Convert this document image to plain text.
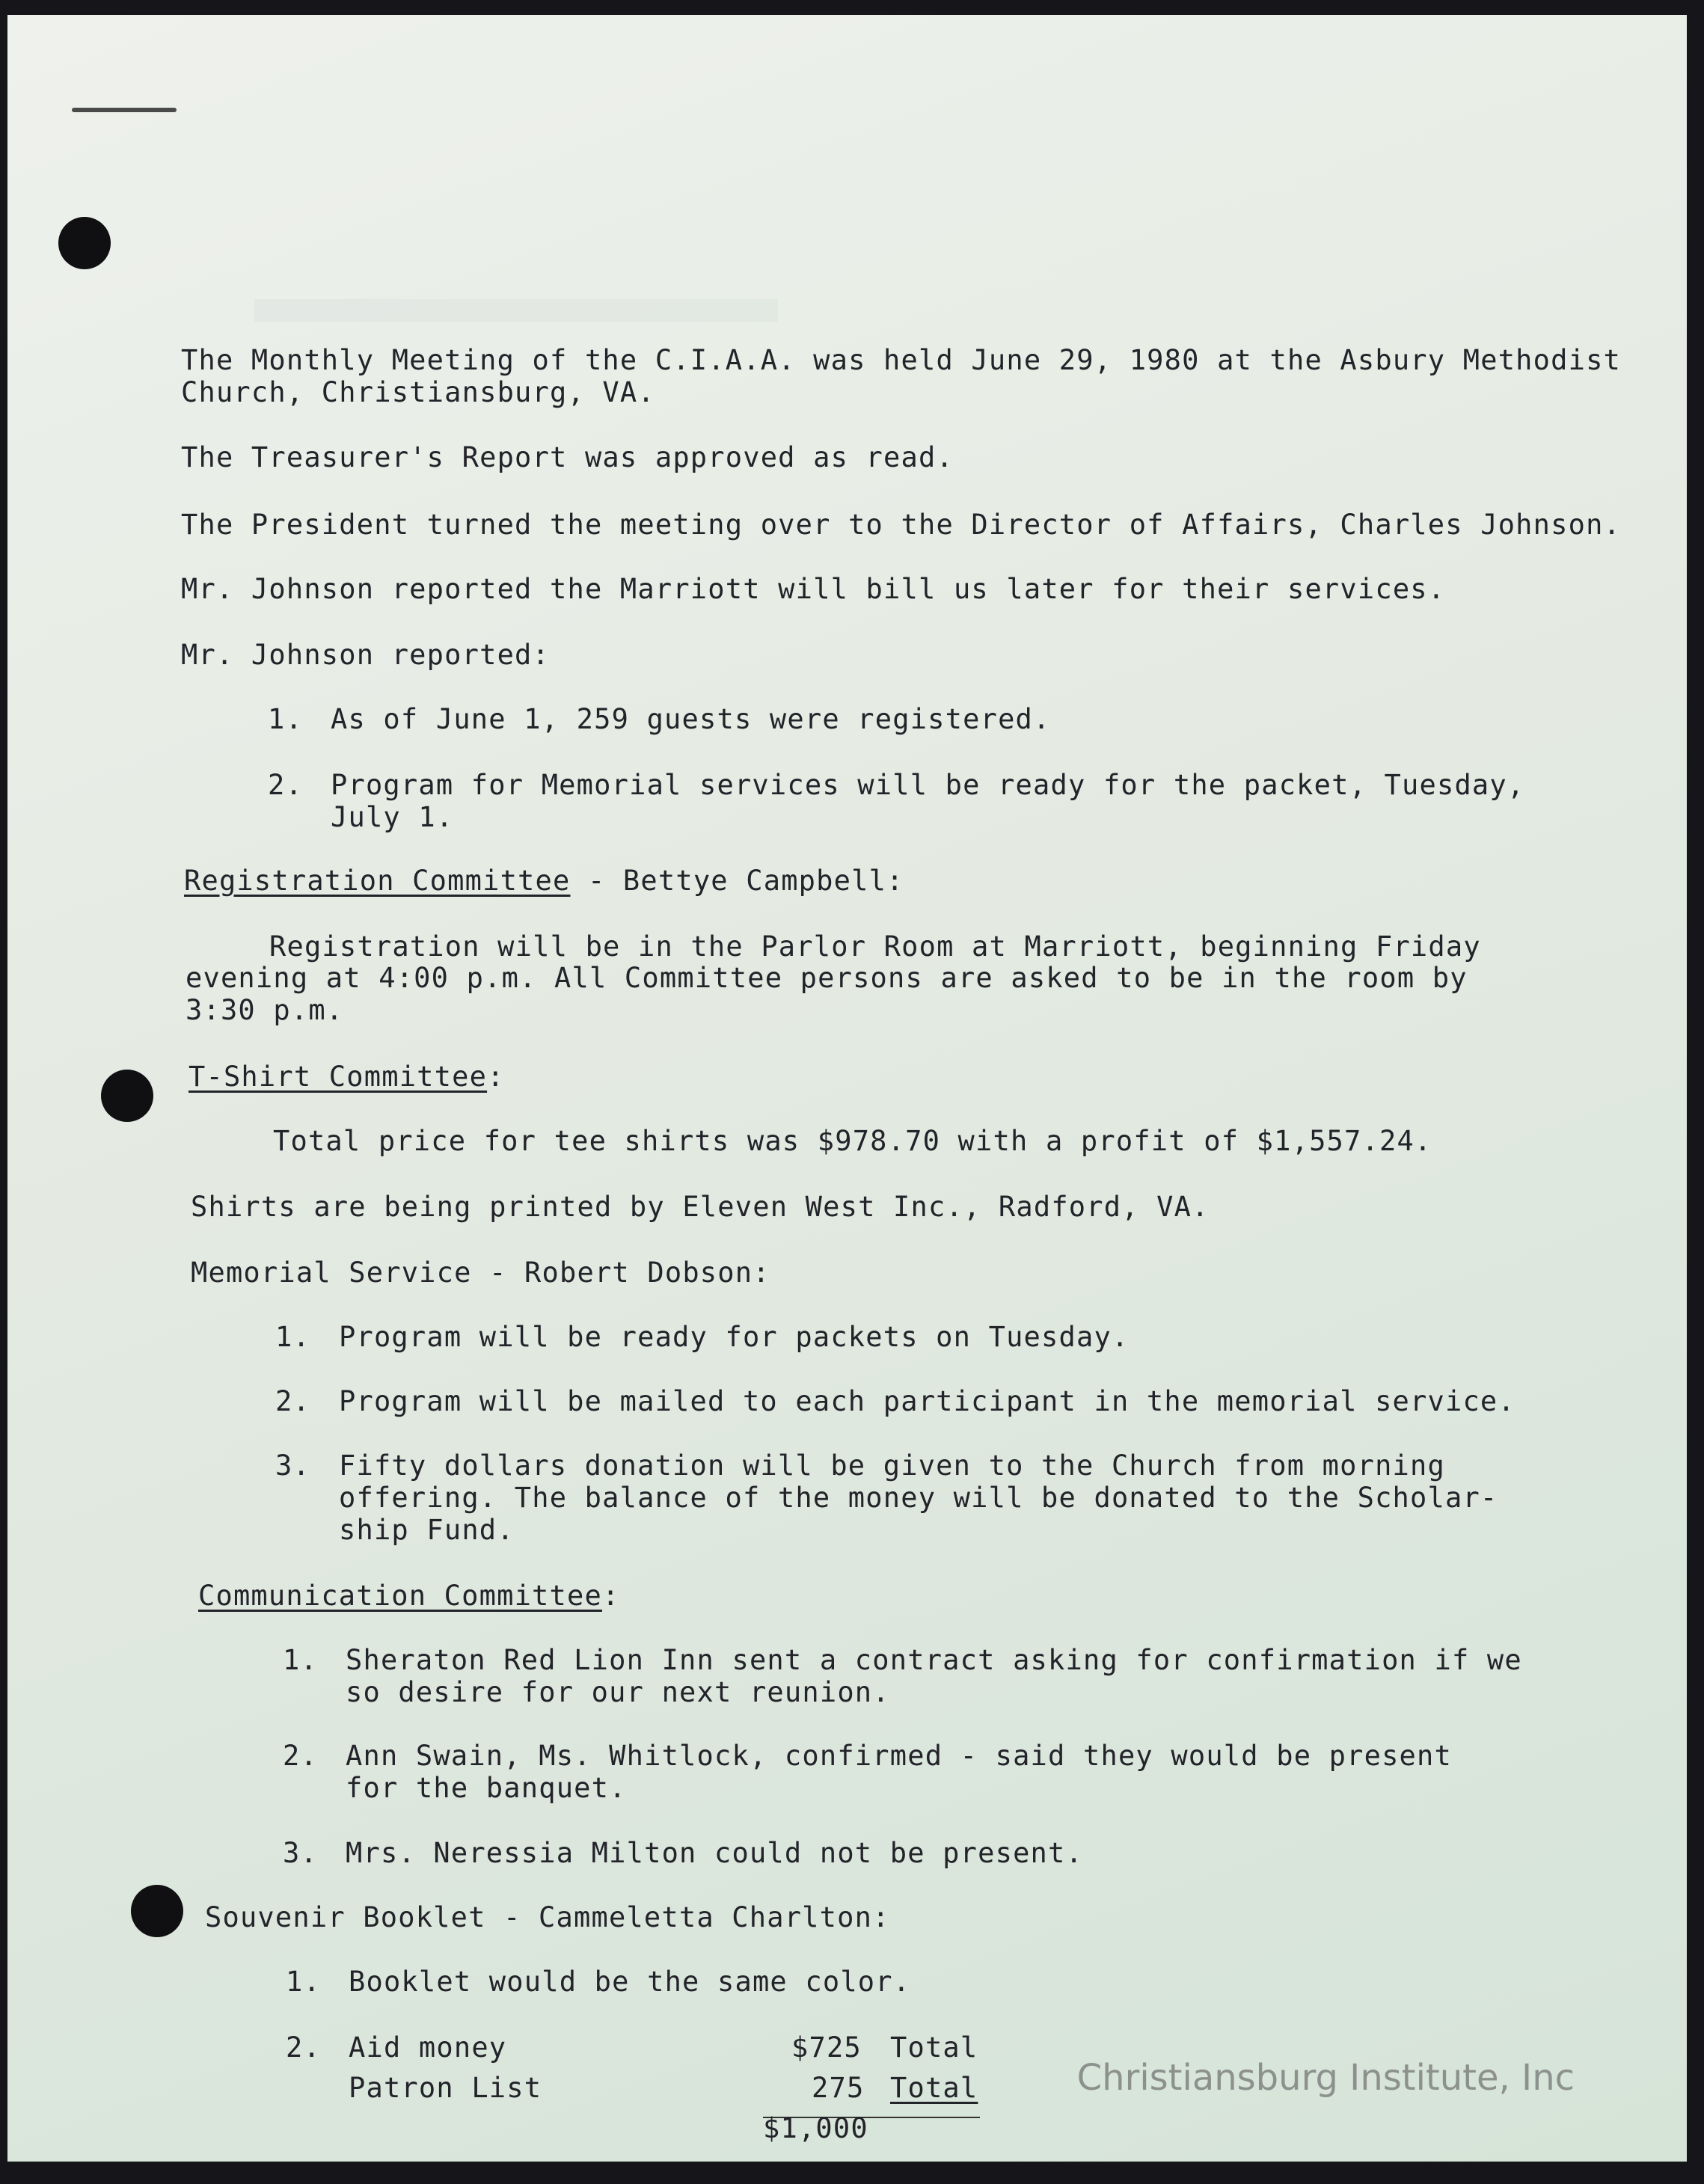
The Monthly Meeting of the C.I.A.A. was held June 29, 1980 at the Asbury Methodist
Church, Christiansburg, VA.
The Treasurer's Report was approved as read.
The President turned the meeting over to the Director of Affairs, Charles Johnson.
Mr. Johnson reported the Marriott will bill us later for their services.
Mr. Johnson reported:
1. As of June 1, 259 guests were registered.
2. Program for Memorial services will be ready for the packet, Tuesday,
July 1.
Registration Committee - Bettye Campbell:
Registration will be in the Parlor Room at Marriott, beginning Friday
evening at 4:00 p.m. All Committee persons are asked to be in the room by
3:30 p.m.
T-Shirt Committee:
Total price for tee shirts was $978.70 with a profit of $1,557.24.
Shirts are being printed by Eleven West Inc., Radford, VA.
Memorial Service - Robert Dobson:
1. Program will be ready for packets on Tuesday.
2. Program will be mailed to each participant in the memorial service.
3. Fifty dollars donation will be given to the Church from morning
offering. The balance of the money will be donated to the Scholar-
ship Fund.
Communication Committee:
1. Sheraton Red Lion Inn sent a contract asking for confirmation if we
so desire for our next reunion.
2. Ann Swain, Ms. Whitlock, confirmed - said they would be present
for the banquet.
3. Mrs. Neressia Milton could not be present.
Souvenir Booklet - Cammeletta Charlton:
1. Booklet would be the same color.
2. Aid money	$725 Total
Patron List	275 Total
$1,000
Christiansburg Institute, Inc
